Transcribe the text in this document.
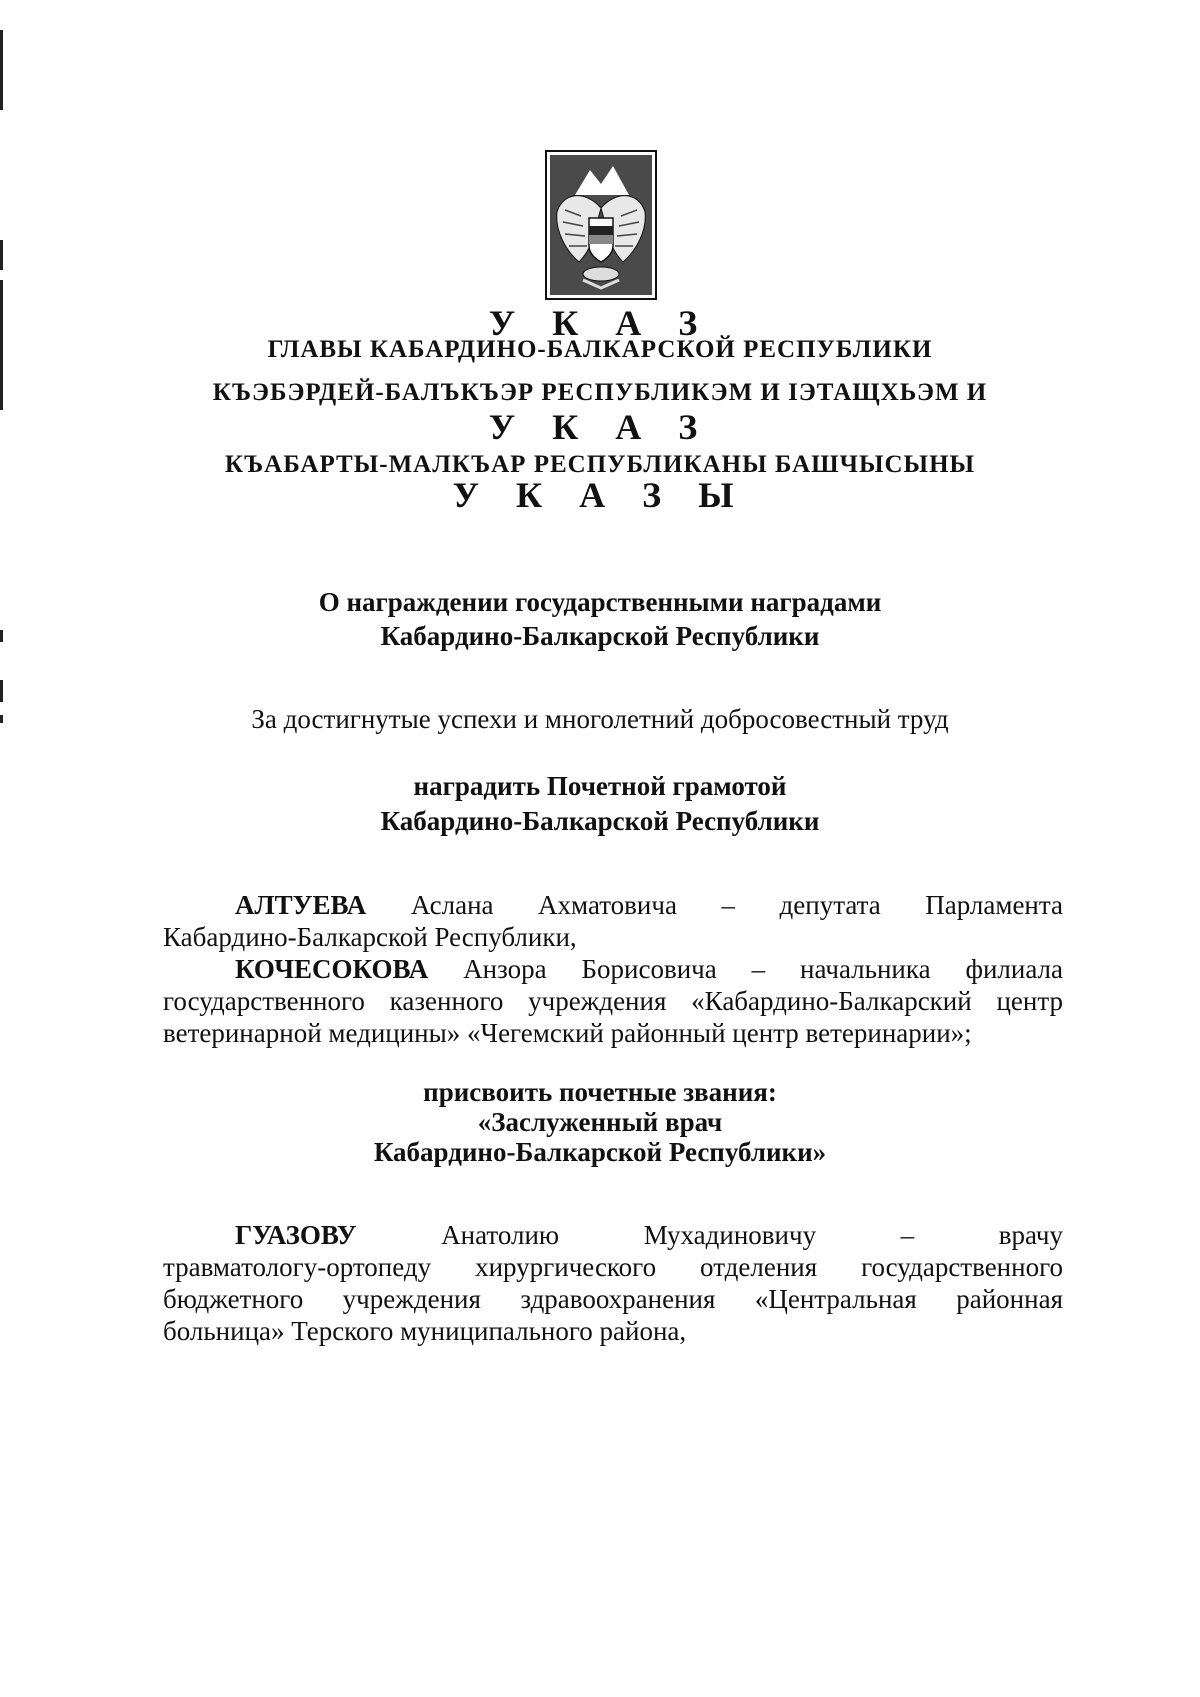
У К А З
ГЛАВЫ КАБАРДИНО-БАЛКАРСКОЙ РЕСПУБЛИКИ
КЪЭБЭРДЕЙ-БАЛЪКЪЭР РЕСПУБЛИКЭМ И ІЭТАЩХЬЭМ И
У К А З
КЪАБАРТЫ-МАЛКЪАР РЕСПУБЛИКАНЫ БАШЧЫСЫНЫ
У К А З Ы
О награждении государственными наградами
Кабардино-Балкарской Республики
За достигнутые успехи и многолетний добросовестный труд
наградить Почетной грамотой
Кабардино-Балкарской Республики
АЛТУЕВА Аслана Ахматовича – депутата Парламента
Кабардино-Балкарской Республики,
КОЧЕСОКОВА Анзора Борисовича – начальника филиала
государственного казенного учреждения «Кабардино-Балкарский центр
ветеринарной медицины» «Чегемский районный центр ветеринарии»;
присвоить почетные звания:
«Заслуженный врач
Кабардино-Балкарской Республики»
ГУАЗОВУ	Анатолию Мухадиновичу – врачу
травматологу-ортопеду хирургического отделения государственного
бюджетного учреждения здравоохранения «Центральная районная
больница» Терского муниципального района,
